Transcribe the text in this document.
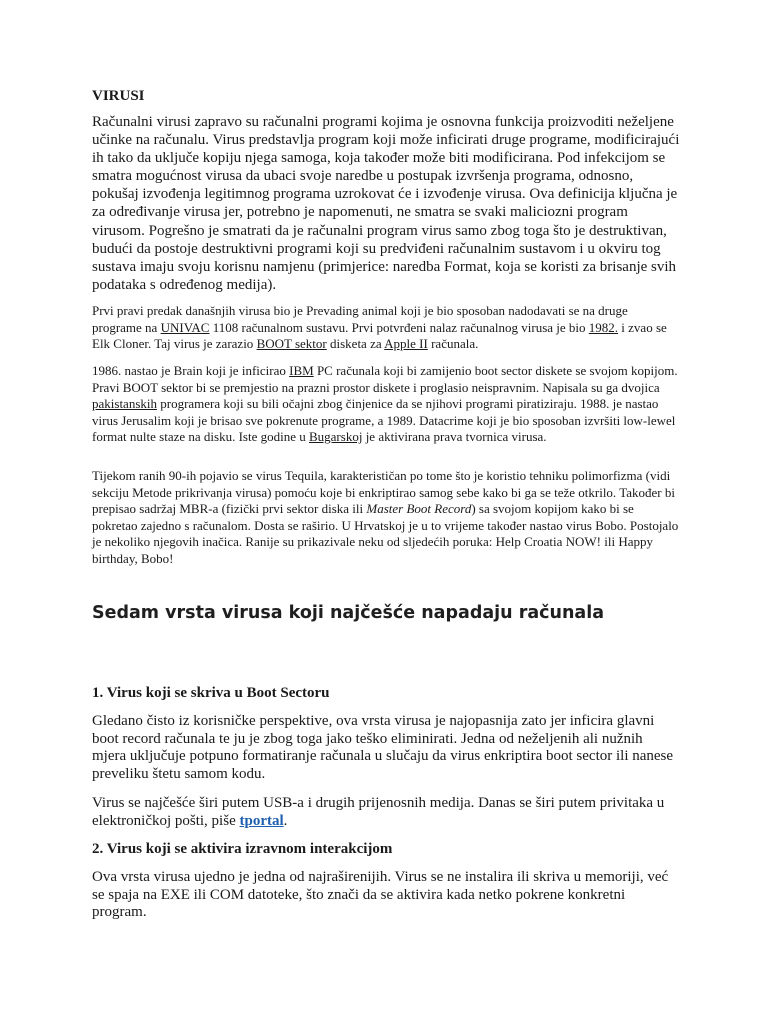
VIRUSI

Računalni virusi zapravo su računalni programi kojima je osnovna funkcija proizvoditi neželjene učinke na računalu. Virus predstavlja program koji može inficirati druge programe, modificirajući ih tako da uključe kopiju njega samoga, koja također može biti modificirana. Pod infekcijom se smatra mogućnost virusa da ubaci svoje naredbe u postupak izvršenja programa, odnosno, pokušaj izvođenja legitimnog programa uzrokovat će i izvođenje virusa. Ova definicija ključna je za određivanje virusa jer, potrebno je napomenuti, ne smatra se svaki maliciozni program virusom. Pogrešno je smatrati da je računalni program virus samo zbog toga što je destruktivan, budući da postoje destruktivni programi koji su predviđeni računalnim sustavom i u okviru tog sustava imaju svoju korisnu namjenu (primjerice: naredba Format, koja se koristi za brisanje svih podataka s određenog medija).

Prvi pravi predak današnjih virusa bio je Prevading animal koji je bio sposoban nadodavati se na druge programe na UNIVAC 1108 računalnom sustavu. Prvi potvrđeni nalaz računalnog virusa je bio 1982. i zvao se Elk Cloner. Taj virus je zarazio BOOT sektor disketa za Apple II računala.

1986. nastao je Brain koji je inficirao IBM PC računala koji bi zamijenio boot sector diskete se svojom kopijom. Pravi BOOT sektor bi se premjestio na prazni prostor diskete i proglasio neispravnim. Napisala su ga dvojica pakistanskih programera koji su bili očajni zbog činjenice da se njihovi programi piratiziraju. 1988. je nastao virus Jerusalim koji je brisao sve pokrenute programe, a 1989. Datacrime koji je bio sposoban izvršiti low-lewel format nulte staze na disku. Iste godine u Bugarskoj je aktivirana prava tvornica virusa.

Tijekom ranih 90-ih pojavio se virus Tequila, karakterističan po tome što je koristio tehniku polimorfizma (vidi sekciju Metode prikrivanja virusa) pomoću koje bi enkriptirao samog sebe kako bi ga se teže otkrilo. Također bi prepisao sadržaj MBR-a (fizički prvi sektor diska ili Master Boot Record) sa svojom kopijom kako bi se pokretao zajedno s računalom. Dosta se raširio. U Hrvatskoj je u to vrijeme također nastao virus Bobo. Postojalo je nekoliko njegovih inačica. Ranije su prikazivale neku od sljedećih poruka: Help Croatia NOW! ili Happy birthday, Bobo!

Sedam vrsta virusa koji najčešće napadaju računala

1. Virus koji se skriva u Boot Sectoru

Gledano čisto iz korisničke perspektive, ova vrsta virusa je najopasnija zato jer inficira glavni boot record računala te ju je zbog toga jako teško eliminirati. Jedna od neželjenih ali nužnih mjera uključuje potpuno formatiranje računala u slučaju da virus enkriptira boot sector ili nanese preveliku štetu samom kodu.

Virus se najčešće širi putem USB-a i drugih prijenosnih medija. Danas se širi putem privitaka u elektroničkoj pošti, piše tportal.

2. Virus koji se aktivira izravnom interakcijom

Ova vrsta virusa ujedno je jedna od najraširenijih. Virus se ne instalira ili skriva u memoriji, već se spaja na EXE ili COM datoteke, što znači da se aktivira kada netko pokrene konkretni program.
